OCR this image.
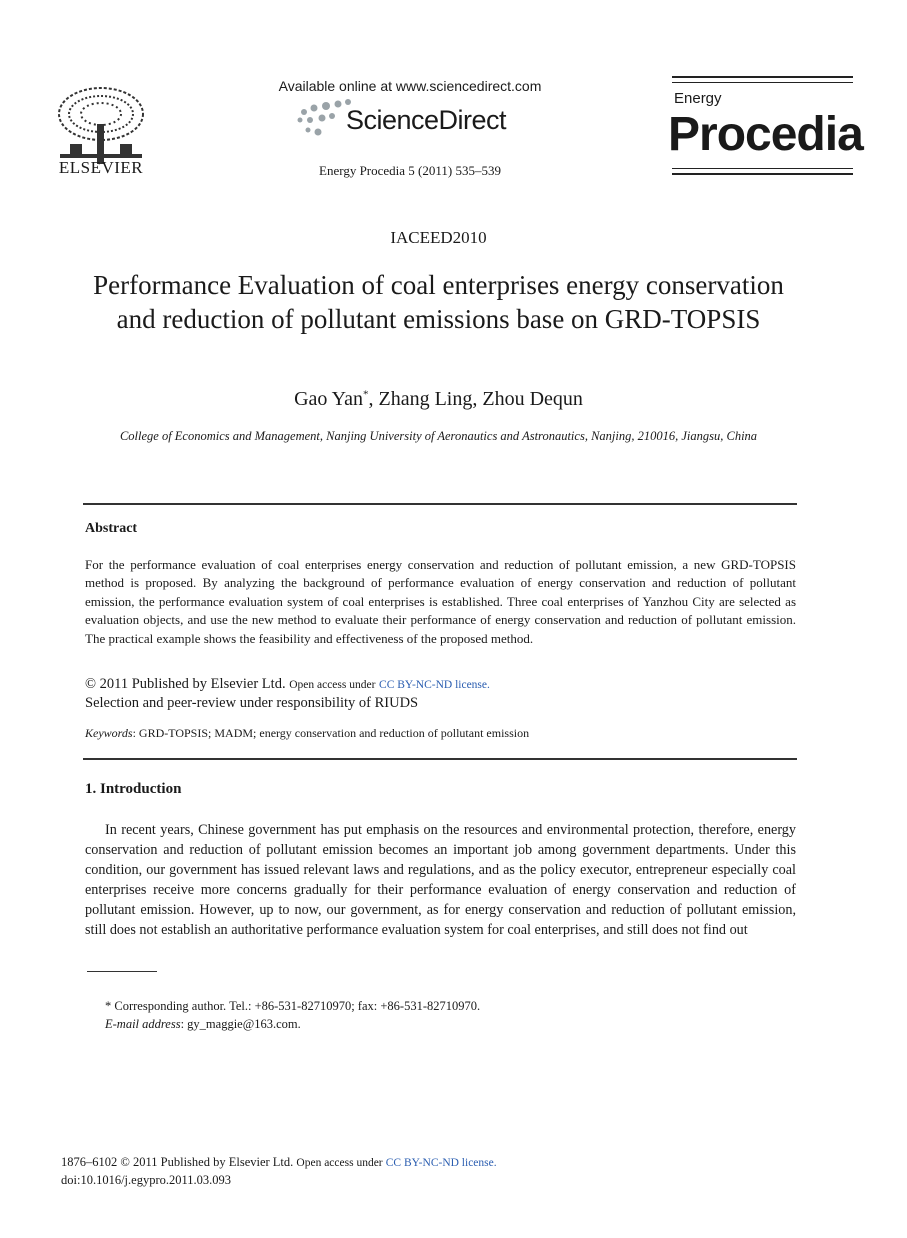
ELSEVIER
Available online at www.sciencedirect.com
ScienceDirect
Energy Procedia 5 (2011) 535–539
Energy
Procedia
IACEED2010
Performance Evaluation of coal enterprises energy conservation and reduction of pollutant emissions base on GRD-TOPSIS
Gao Yan*, Zhang Ling, Zhou Dequn
College of Economics and Management, Nanjing University of Aeronautics and Astronautics, Nanjing, 210016, Jiangsu, China
Abstract
For the performance evaluation of coal enterprises energy conservation and reduction of pollutant emission, a new GRD-TOPSIS method is proposed. By analyzing the background of performance evaluation of energy conservation and reduction of pollutant emission, the performance evaluation system of coal enterprises is established. Three coal enterprises of Yanzhou City are selected as evaluation objects, and use the new method to evaluate their performance of energy conservation and reduction of pollutant emission. The practical example shows the feasibility and effectiveness of the proposed method.
© 2011 Published by Elsevier Ltd. Open access under CC BY-NC-ND license.
Selection and peer-review under responsibility of RIUDS
Keywords: GRD-TOPSIS; MADM; energy conservation and reduction of pollutant emission
1. Introduction
In recent years, Chinese government has put emphasis on the resources and environmental protection, therefore, energy conservation and reduction of pollutant emission becomes an important job among government departments. Under this condition, our government has issued relevant laws and regulations, and as the policy executor, entrepreneur especially coal enterprises receive more concerns gradually for their performance evaluation of energy conservation and reduction of pollutant emission. However, up to now, our government, as for energy conservation and reduction of pollutant emission, still does not establish an authoritative performance evaluation system for coal enterprises, and still does not find out
* Corresponding author. Tel.: +86-531-82710970; fax: +86-531-82710970.
E-mail address: gy_maggie@163.com.
1876–6102 © 2011 Published by Elsevier Ltd. Open access under CC BY-NC-ND license.
doi:10.1016/j.egypro.2011.03.093
